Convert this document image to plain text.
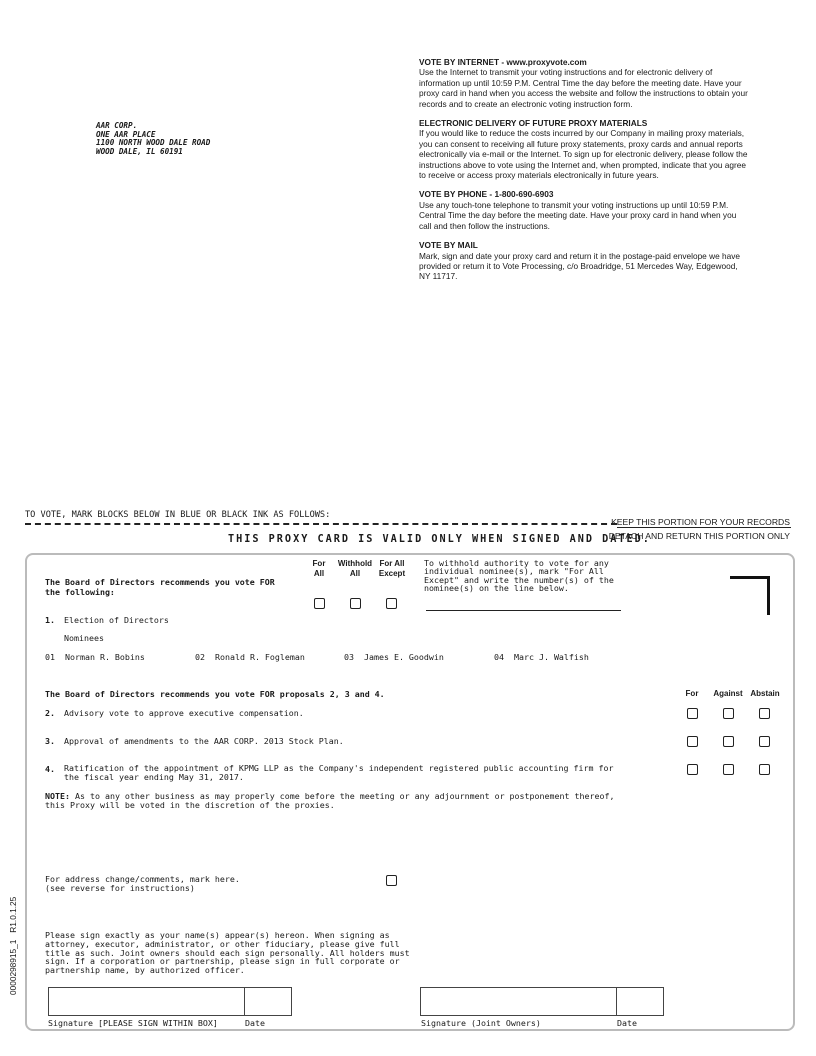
AAR CORP.
ONE AAR PLACE
1100 NORTH WOOD DALE ROAD
WOOD DALE, IL 60191
VOTE BY INTERNET - www.proxyvote.com

Use the Internet to transmit your voting instructions and for electronic delivery of information up until 10:59 P.M. Central Time the day before the meeting date. Have your proxy card in hand when you access the website and follow the instructions to obtain your records and to create an electronic voting instruction form.

ELECTRONIC DELIVERY OF FUTURE PROXY MATERIALS

If you would like to reduce the costs incurred by our Company in mailing proxy materials, you can consent to receiving all future proxy statements, proxy cards and annual reports electronically via e-mail or the Internet. To sign up for electronic delivery, please follow the instructions above to vote using the Internet and, when prompted, indicate that you agree to receive or access proxy materials electronically in future years.

VOTE BY PHONE - 1-800-690-6903

Use any touch-tone telephone to transmit your voting instructions up until 10:59 P.M. Central Time the day before the meeting date. Have your proxy card in hand when you call and then follow the instructions.

VOTE BY MAIL

Mark, sign and date your proxy card and return it in the postage-paid envelope we have provided or return it to Vote Processing, c/o Broadridge, 51 Mercedes Way, Edgewood, NY 11717.

TO VOTE, MARK BLOCKS BELOW IN BLUE OR BLACK INK AS FOLLOWS:
KEEP THIS PORTION FOR YOUR RECORDS
THIS PROXY CARD IS VALID ONLY WHEN SIGNED AND DATED.
DETACH AND RETURN THIS PORTION ONLY
The Board of Directors recommends you vote FOR
the following:
For
All
Withhold
All
For All
Except
To withhold authority to vote for any
individual nominee(s), mark "For All
Except" and write the number(s) of the
nominee(s) on the line below.
1. Election of Directors
Nominees
01  Norman R. Bobins	02  Ronald R. Fogleman	03  James E. Goodwin	04  Marc J. Walfish
The Board of Directors recommends you vote FOR proposals 2, 3 and 4.	For	Against Abstain
2. Advisory vote to approve executive compensation.
3. Approval of amendments to the AAR CORP. 2013 Stock Plan.
4. Ratification of the appointment of KPMG LLP as the Company's independent registered public accounting firm for
the fiscal year ending May 31, 2017.
NOTE: As to any other business as may properly come before the meeting or any adjournment or postponement thereof,
this Proxy will be voted in the discretion of the proxies.
For address change/comments, mark here.
(see reverse for instructions)
Please sign exactly as your name(s) appear(s) hereon. When signing as
attorney, executor, administrator, or other fiduciary, please give full
title as such. Joint owners should each sign personally. All holders must
sign. If a corporation or partnership, please sign in full corporate or
partnership name, by authorized officer.
Signature [PLEASE SIGN WITHIN BOX]	Date	Signature (Joint Owners)	Date
0000298915_1   R1.0.1.25
